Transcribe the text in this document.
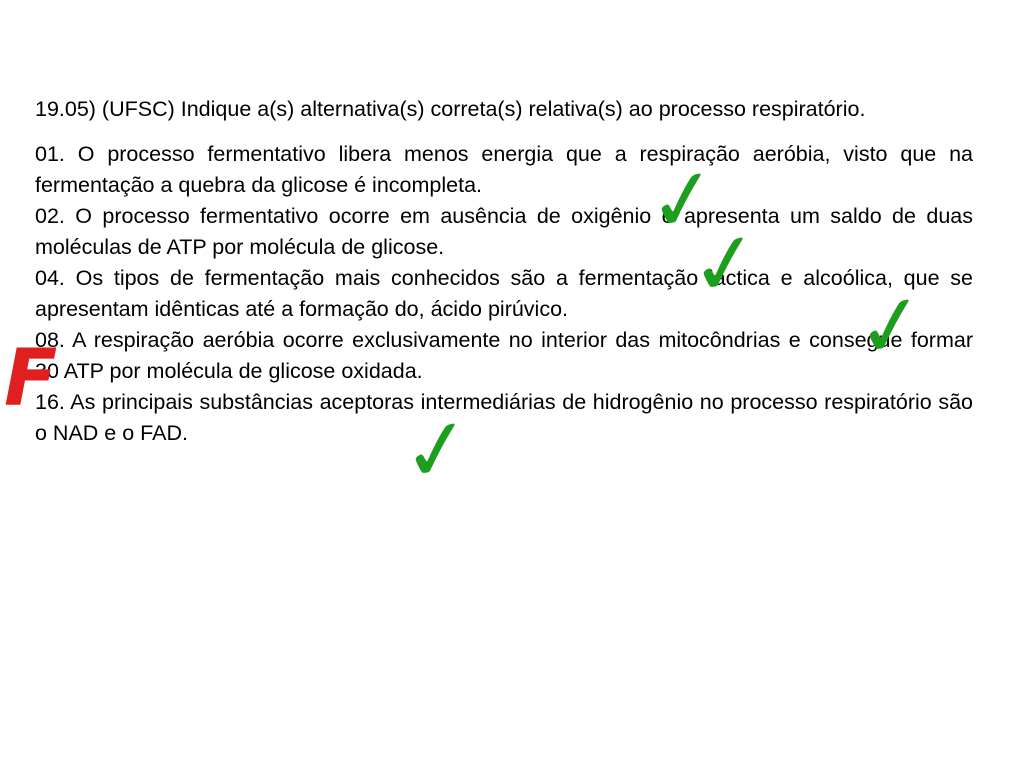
19.05) (UFSC) Indique a(s) alternativa(s) correta(s) relativa(s) ao processo respiratório.

01. O processo fermentativo libera menos energia que a respiração aeróbia, visto que na fermentação a quebra da glicose é incompleta.

02. O processo fermentativo ocorre em ausência de oxigênio e apresenta um saldo de duas moléculas de ATP por molécula de glicose.

04. Os tipos de fermentação mais conhecidos são a fermentação láctica e alcoólica, que se apresentam idênticas até a formação do, ácido pirúvico.

08. A respiração aeróbia ocorre exclusivamente no interior das mitocôndrias e consegue formar 30 ATP por molécula de glicose oxidada.

16. As principais substâncias aceptoras intermediárias de hidrogênio no processo respiratório são o NAD e o FAD.

✓
✓
✓
F
✓
